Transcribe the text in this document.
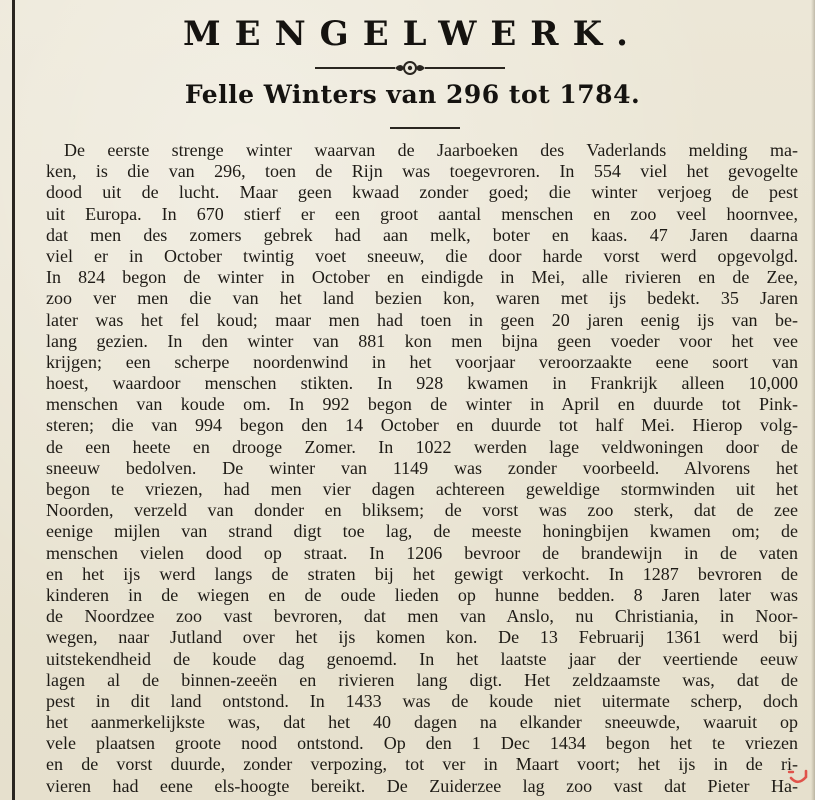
MENGELWERK.
Felle Winters van 296 tot 1784.
De eerste strenge winter waarvan de Jaarboeken des Vaderlands melding ma-
ken, is die van 296, toen de Rijn was toegevroren. In 554 viel het gevogelte
dood uit de lucht. Maar geen kwaad zonder goed; die winter verjoeg de pest
uit Europa. In 670 stierf er een groot aantal menschen en zoo veel hoornvee,
dat men des zomers gebrek had aan melk, boter en kaas. 47 Jaren daarna
viel er in October twintig voet sneeuw, die door harde vorst werd opgevolgd.
In 824 begon de winter in October en eindigde in Mei, alle rivieren en de Zee,
zoo ver men die van het land bezien kon, waren met ijs bedekt. 35 Jaren
later was het fel koud; maar men had toen in geen 20 jaren eenig ijs van be-
lang gezien. In den winter van 881 kon men bijna geen voeder voor het vee
krijgen; een scherpe noordenwind in het voorjaar veroorzaakte eene soort van
hoest, waardoor menschen stikten. In 928 kwamen in Frankrijk alleen 10,000
menschen van koude om. In 992 begon de winter in April en duurde tot Pink-
steren; die van 994 begon den 14 October en duurde tot half Mei. Hierop volg-
de een heete en droоge Zomer. In 1022 werden lage veldwoningen door de
sneeuw bedolven. De winter van 1149 was zonder voorbeeld. Alvorens het
begon te vriezen, had men vier dagen achtereen geweldige stormwinden uit het
Noorden, verzeld van donder en bliksem; de vorst was zoo sterk, dat de zee
eenige mijlen van strand digt toe lag, de meeste honingbijen kwamen om; de
menschen vielen dood op straat. In 1206 bevroor de brandewijn in de vaten
en het ijs werd langs de straten bij het gewigt verkocht. In 1287 bevroren de
kinderen in de wiegen en de oude lieden op hunne bedden. 8 Jaren later was
de Noordzee zoo vast bevroren, dat men van Anslo, nu Christiania, in Noor-
wegen, naar Jutland over het ijs komen kon. De 13 Februarij 1361 werd bij
uitstekendheid de koude dag genoemd. In het laatste jaar der veertiende eeuw
lagen al de binnen-zeeën en rivieren lang digt. Het zeldzaamste was, dat de
pest in dit land ontstond. In 1433 was de koude niet uitermate scherp, doch
het aanmerkelijkste was, dat het 40 dagen na elkander sneeuwde, waaruit op
vele plaatsen groote nood ontstond. Op den 1 Dec 1434 begon het te vriezen
en de vorst duurde, zonder verpozing, tot ver in Maart voort; het ijs in de ri-
vieren had eene els-hoogte bereikt. De Zuiderzee lag zoo vast dat Pieter Ha-
